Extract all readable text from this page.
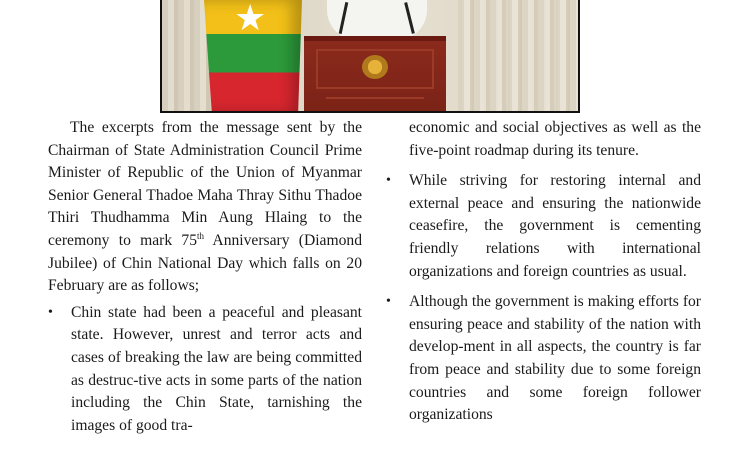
★

The excerpts from the message sent by the Chairman of State Administration Council Prime Minister of Republic of the Union of Myanmar Senior General Thadoe Maha Thray Sithu Thadoe Thiri Thudhamma Min Aung Hlaing to the ceremony to mark 75th Anniversary (Diamond Jubilee) of Chin National Day which falls on 20 February are as follows;

• Chin state had been a peaceful and pleasant state. However, unrest and terror acts and cases of breaking the law are being committed as destruc-tive acts in some parts of the nation including the Chin State, tarnishing the images of good tra-

economic and social objectives as well as the five-point roadmap during its tenure.

• While striving for restoring internal and external peace and ensuring the nationwide ceasefire, the government is cementing friendly relations with international organizations and foreign countries as usual.

• Although the government is making efforts for ensuring peace and stability of the nation with develop-ment in all aspects, the country is far from peace and stability due to some foreign countries and some foreign follower organizations
